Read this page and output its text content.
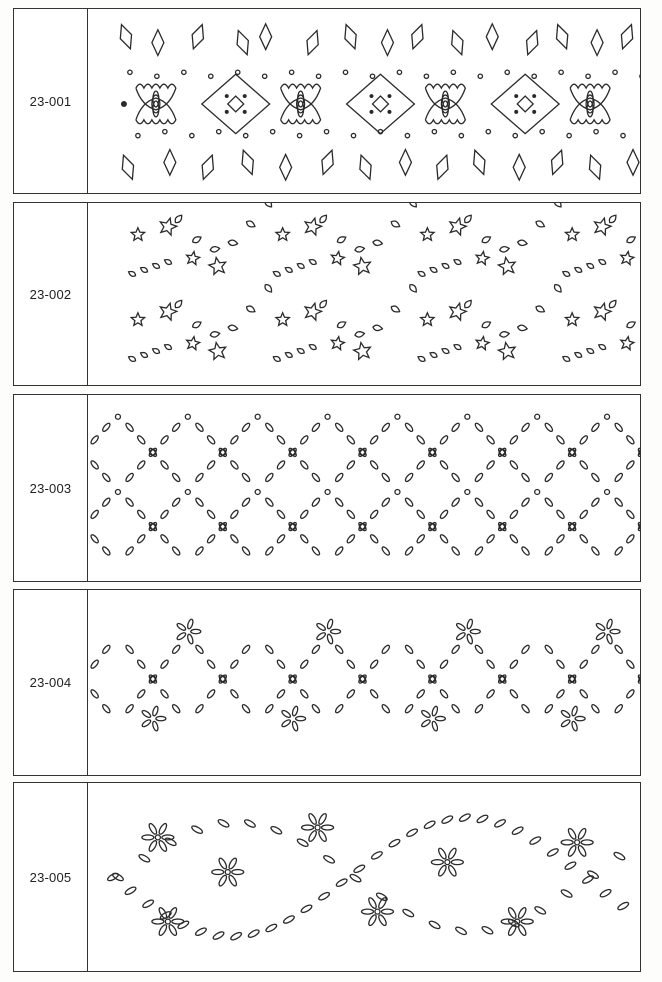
23-001
23-002
23-003
23-004
23-005
